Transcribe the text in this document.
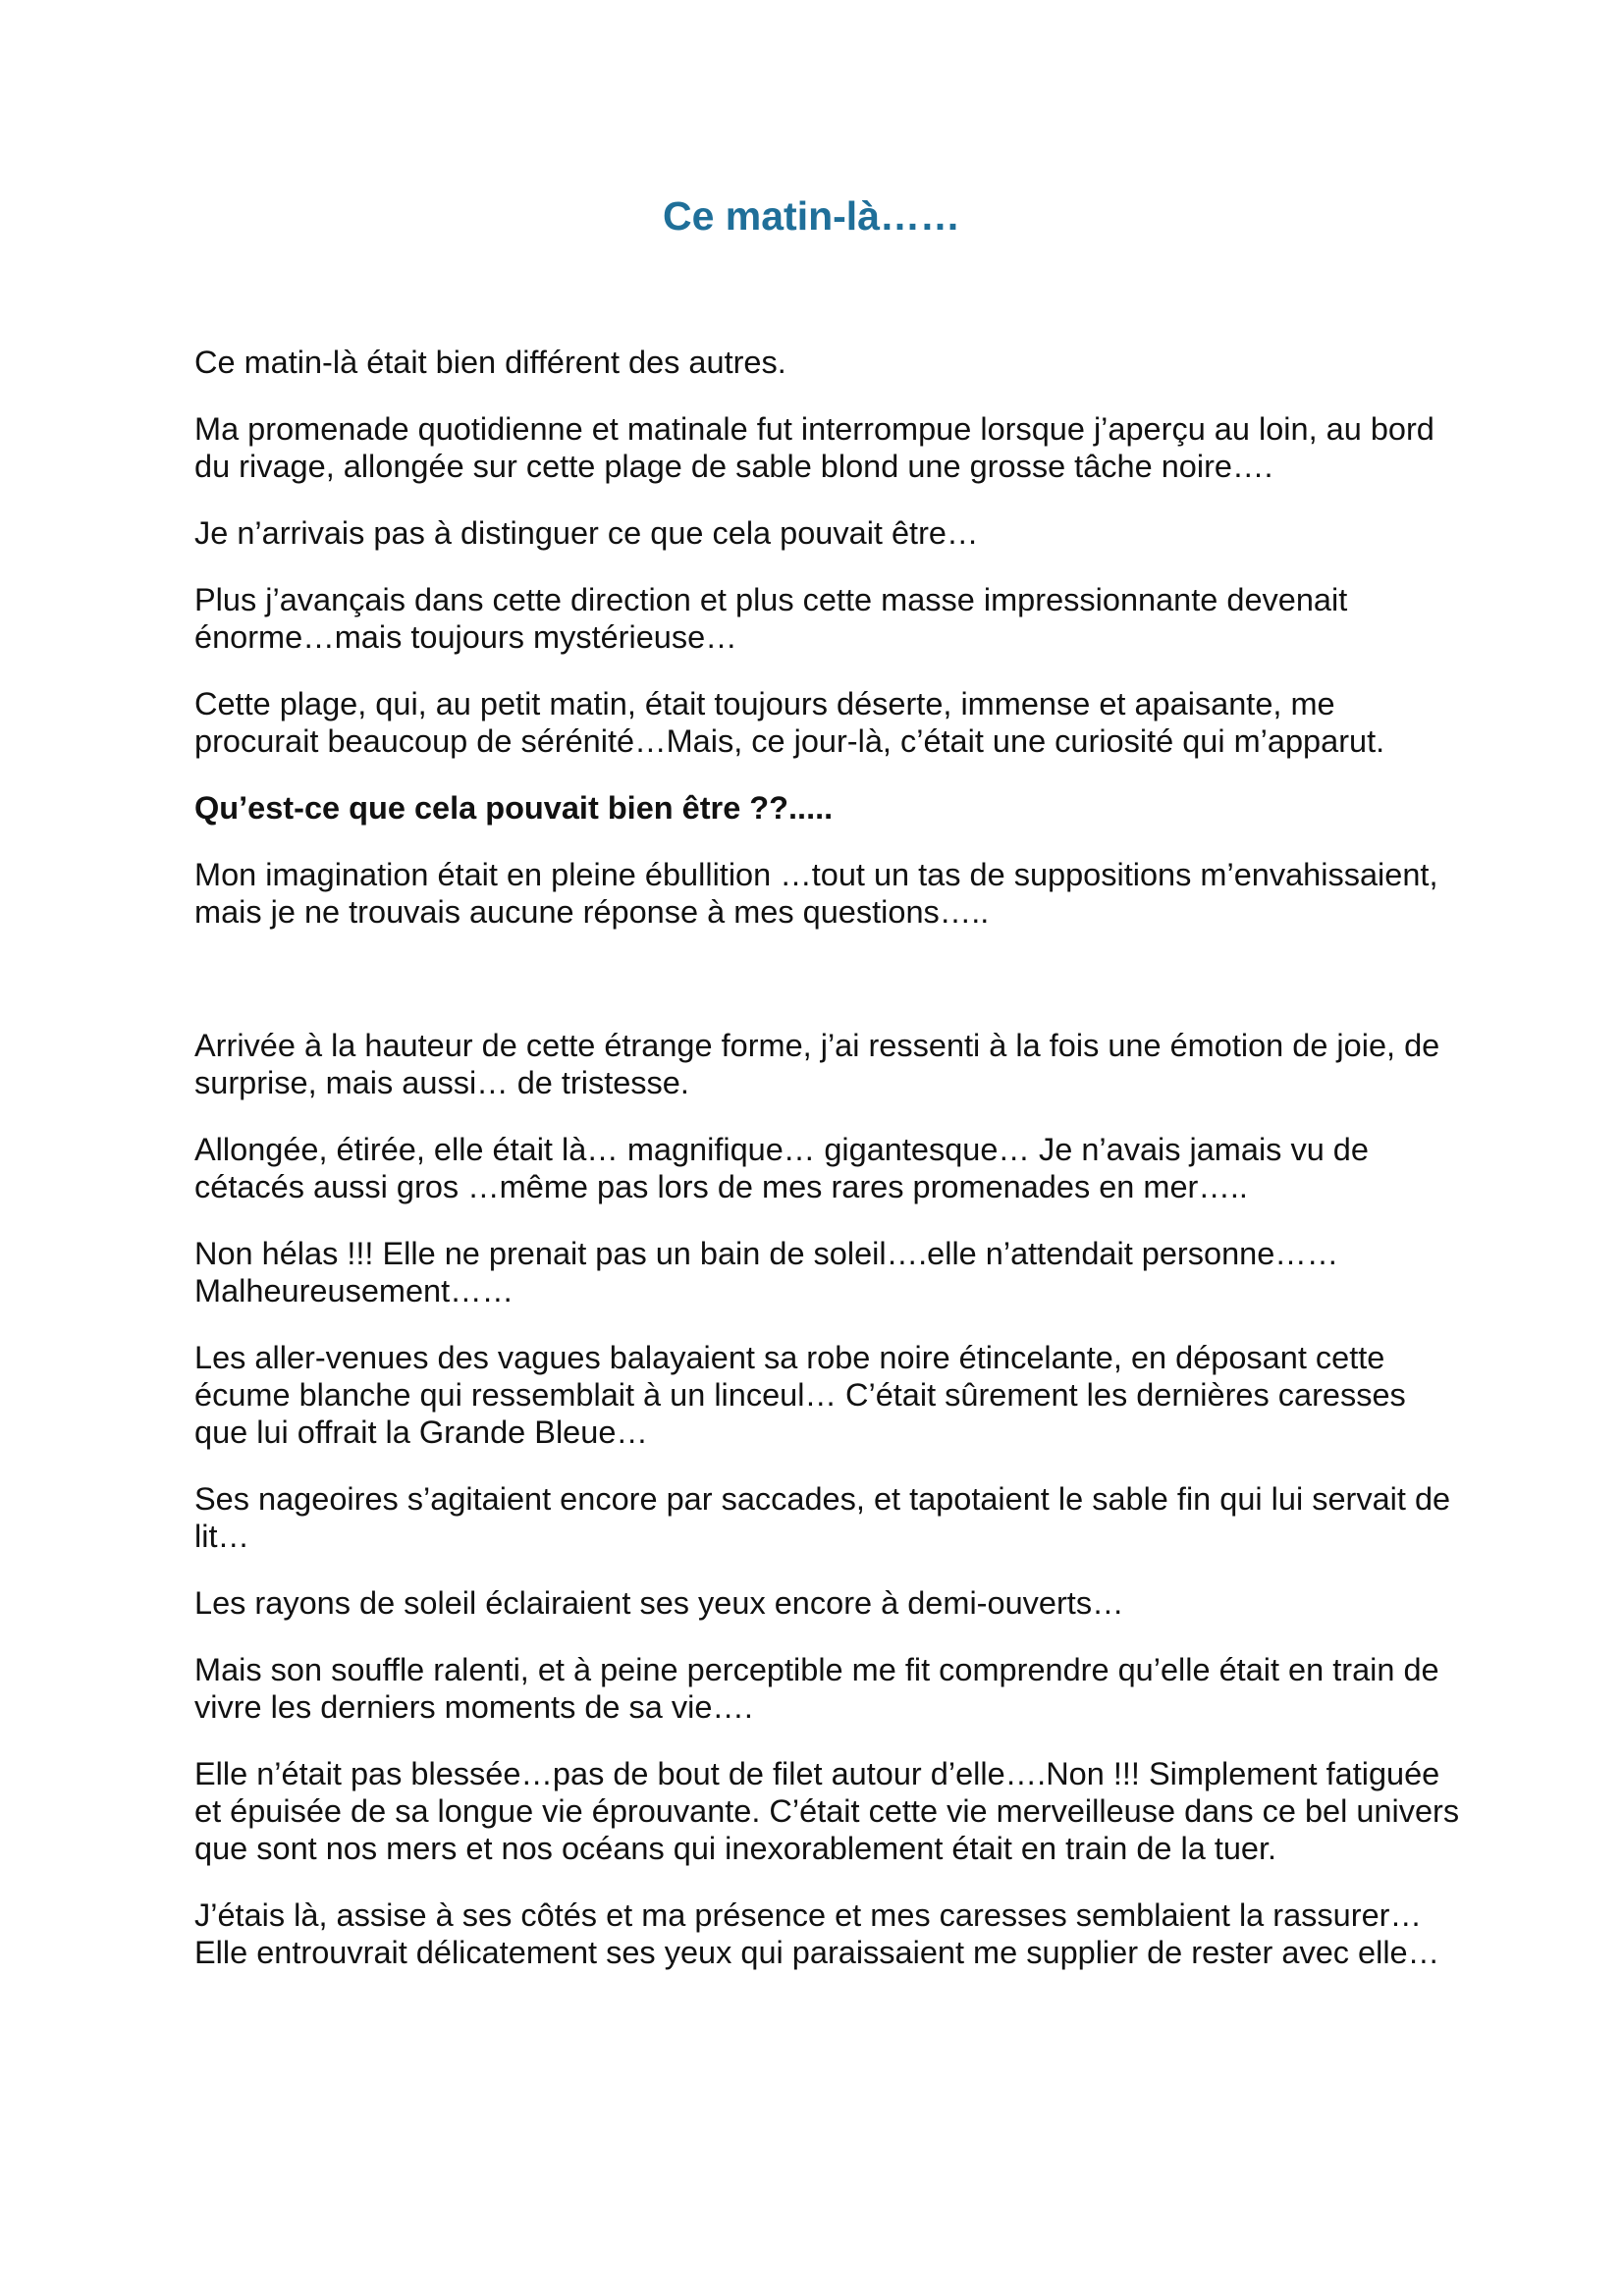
Ce matin-là……

Ce matin-là était bien différent des autres.

Ma promenade quotidienne et matinale fut interrompue lorsque j’aperçu au loin, au bord du rivage, allongée sur cette plage de sable blond une grosse tâche noire….

Je n’arrivais pas à distinguer ce que cela pouvait être…

Plus j’avançais dans cette direction et plus cette masse impressionnante devenait énorme…mais toujours mystérieuse…

Cette plage, qui, au petit matin, était toujours déserte, immense et apaisante, me procurait beaucoup de sérénité…Mais, ce jour-là, c’était une curiosité qui m’apparut.

Qu’est-ce que cela pouvait bien être ??.....

Mon imagination était en pleine ébullition …tout un tas de suppositions m’envahissaient, mais je ne trouvais aucune réponse à mes questions…..

Arrivée à la hauteur de cette étrange forme, j’ai ressenti à la fois une émotion de joie, de surprise, mais aussi… de tristesse.

Allongée, étirée, elle était là… magnifique… gigantesque… Je n’avais jamais vu de cétacés aussi gros …même pas lors de mes rares promenades en mer…..

Non hélas !!! Elle ne prenait pas un bain de soleil….elle n’attendait personne…… Malheureusement……

Les aller-venues des vagues balayaient sa robe noire étincelante, en déposant cette écume blanche qui ressemblait à un linceul… C’était sûrement les dernières caresses que lui offrait la Grande Bleue…

Ses nageoires s’agitaient encore par saccades, et tapotaient le sable fin qui lui servait de lit…

Les rayons de soleil éclairaient ses yeux encore à demi-ouverts…

Mais son souffle ralenti, et à peine perceptible me fit comprendre qu’elle était en train de vivre les derniers moments de sa vie….

Elle n’était pas blessée…pas de bout de filet autour d’elle….Non !!! Simplement fatiguée et épuisée de sa longue vie éprouvante. C’était cette vie merveilleuse dans ce bel univers que sont nos mers et nos océans qui inexorablement était en train de la tuer.

J’étais là, assise à ses côtés et ma présence et mes caresses semblaient la rassurer…Elle entrouvrait délicatement ses yeux qui paraissaient me supplier de rester avec elle…
